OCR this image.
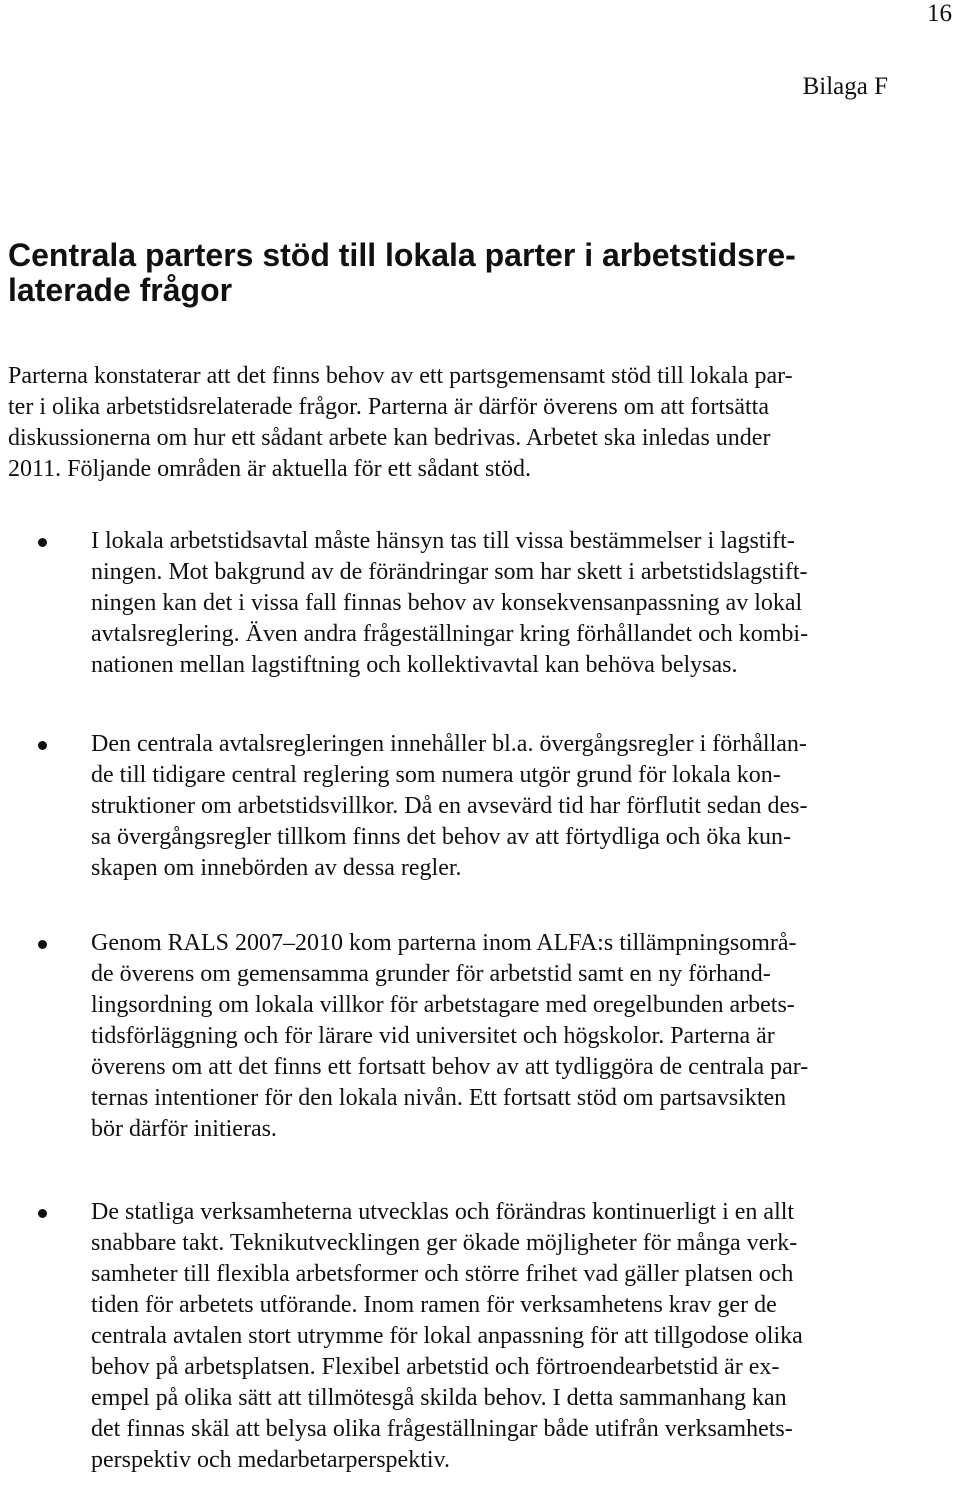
16
Bilaga F
Centrala parters stöd till lokala parter i arbetstidsre-
laterade frågor
Parterna konstaterar att det finns behov av ett partsgemensamt stöd till lokala par-
ter i olika arbetstidsrelaterade frågor. Parterna är därför överens om att fortsätta
diskussionerna om hur ett sådant arbete kan bedrivas. Arbetet ska inledas under
2011. Följande områden är aktuella för ett sådant stöd.
I lokala arbetstidsavtal måste hänsyn tas till vissa bestämmelser i lagstift-
ningen. Mot bakgrund av de förändringar som har skett i arbetstidslagstift-
ningen kan det i vissa fall finnas behov av konsekvensanpassning av lokal
avtalsreglering. Även andra frågeställningar kring förhållandet och kombi-
nationen mellan lagstiftning och kollektivavtal kan behöva belysas.
Den centrala avtalsregleringen innehåller bl.a. övergångsregler i förhållan-
de till tidigare central reglering som numera utgör grund för lokala kon-
struktioner om arbetstidsvillkor. Då en avsevärd tid har förflutit sedan des-
sa övergångsregler tillkom finns det behov av att förtydliga och öka kun-
skapen om innebörden av dessa regler.
Genom RALS 2007–2010 kom parterna inom ALFA:s tillämpningsområ-
de överens om gemensamma grunder för arbetstid samt en ny förhand-
lingsordning om lokala villkor för arbetstagare med oregelbunden arbets-
tidsförläggning och för lärare vid universitet och högskolor. Parterna är
överens om att det finns ett fortsatt behov av att tydliggöra de centrala par-
ternas intentioner för den lokala nivån. Ett fortsatt stöd om partsavsikten
bör därför initieras.
De statliga verksamheterna utvecklas och förändras kontinuerligt i en allt
snabbare takt. Teknikutvecklingen ger ökade möjligheter för många verk-
samheter till flexibla arbetsformer och större frihet vad gäller platsen och
tiden för arbetets utförande. Inom ramen för verksamhetens krav ger de
centrala avtalen stort utrymme för lokal anpassning för att tillgodose olika
behov på arbetsplatsen. Flexibel arbetstid och förtroendearbetstid är ex-
empel på olika sätt att tillmötesgå skilda behov. I detta sammanhang kan
det finnas skäl att belysa olika frågeställningar både utifrån verksamhets-
perspektiv och medarbetarperspektiv.
